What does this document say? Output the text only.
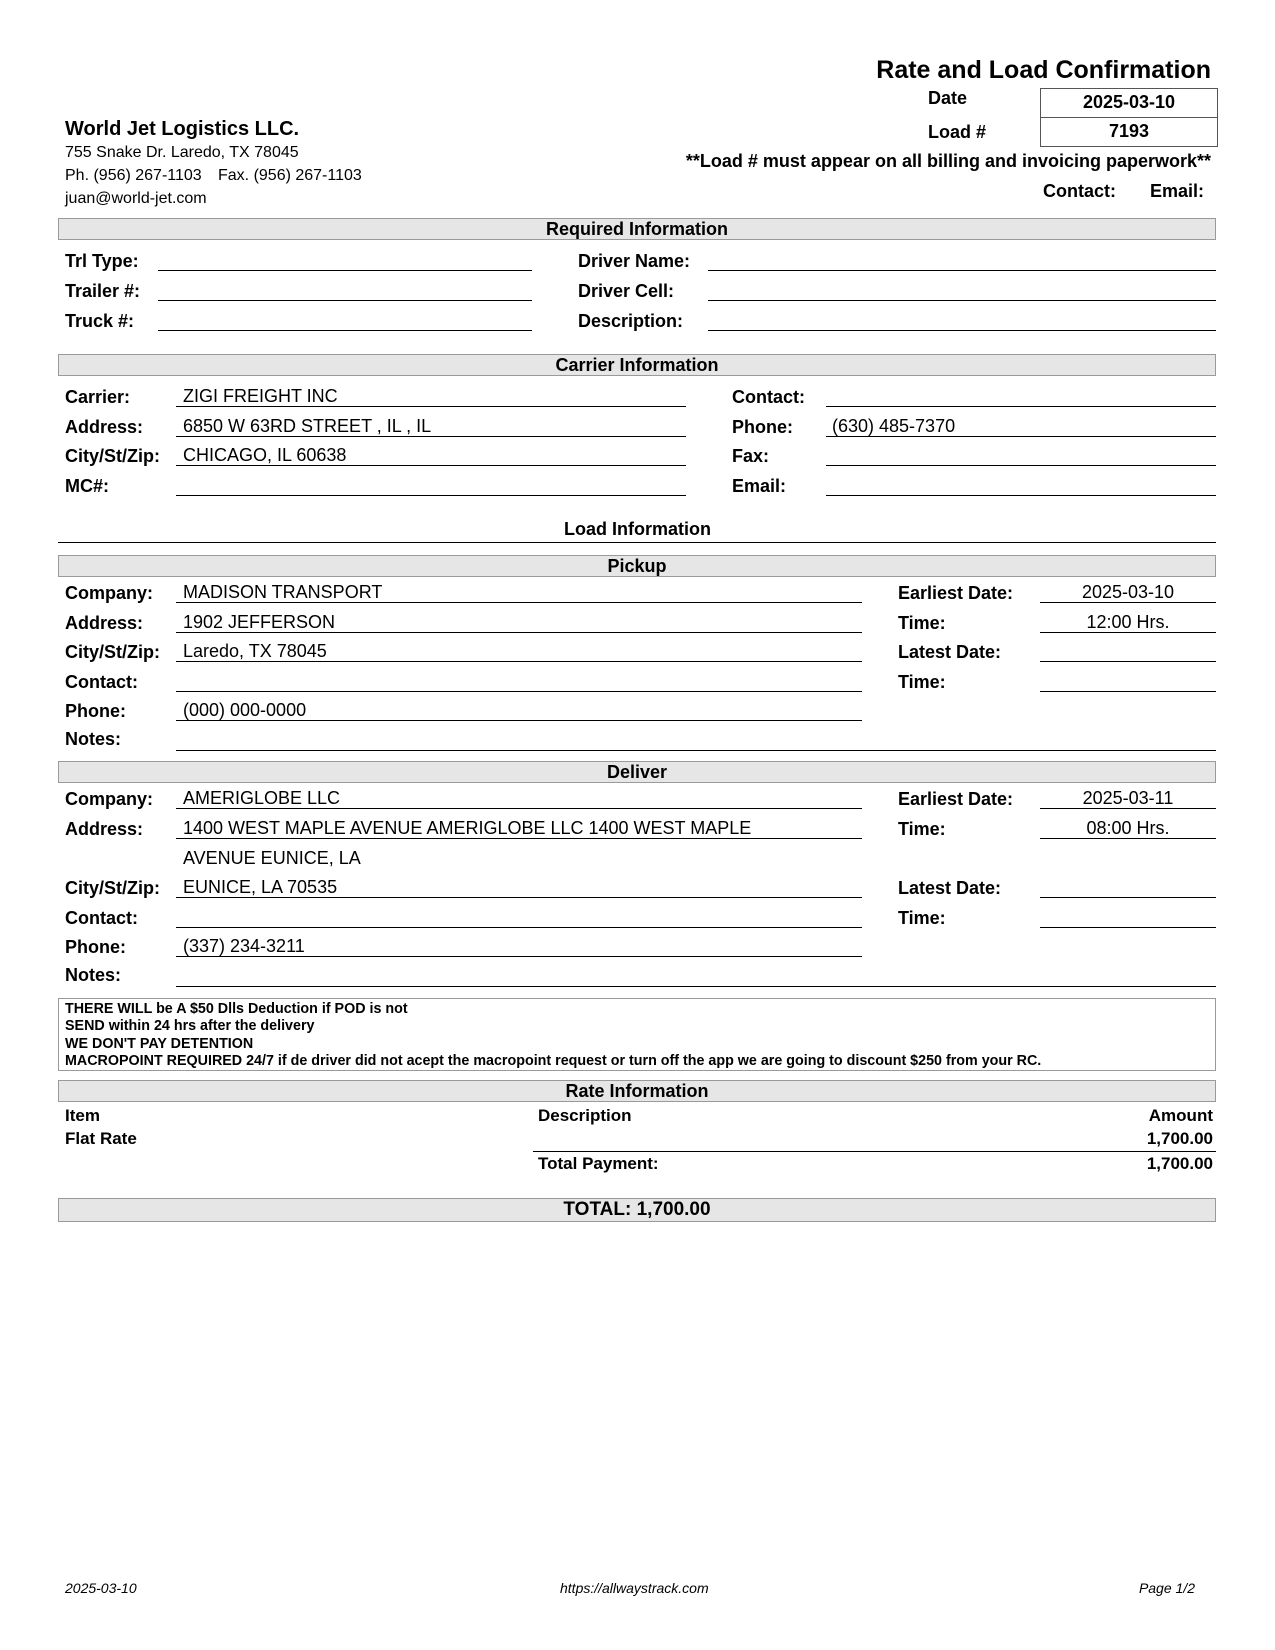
Rate and Load Confirmation
Date	2025-03-10
Load #	7193
**Load # must appear on all billing and invoicing paperwork**
Contact: Email:
World Jet Logistics LLC.
755 Snake Dr. Laredo, TX 78045
Ph. (956) 267-1103 Fax. (956) 267-1103
juan@world-jet.com
Required Information
Trl Type:
Trailer #:
Truck #:
Driver Name:
Driver Cell:
Description:
Carrier Information
Carrier:	ZIGI FREIGHT INC
Address: 6850 W 63RD STREET , IL , IL
City/St/Zip: CHICAGO, IL 60638
MC#:
Contact:
Phone: (630) 485-7370
Fax:
Email:
Load Information
Pickup
Company: MADISON TRANSPORT
Address: 1902 JEFFERSON
City/St/Zip: Laredo, TX 78045
Contact:
Phone:	(000) 000-0000
Notes:
Earliest Date:	2025-03-10
Time:	12:00 Hrs.
Latest Date:
Time:
Deliver
Company: AMERIGLOBE LLC
Address: 1400 WEST MAPLE AVENUE AMERIGLOBE LLC 1400 WEST MAPLE
AVENUE EUNICE, LA
City/St/Zip: EUNICE, LA 70535
Contact:
Phone:	(337) 234-3211
Notes:
Earliest Date:	2025-03-11
Time:	08:00 Hrs.
Latest Date:
Time:
THERE WILL be A $50 Dlls Deduction if POD is not
SEND within 24 hrs after the delivery
WE DON'T PAY DETENTION
MACROPOINT REQUIRED 24/7 if de driver did not acept the macropoint request or turn off the app we are going to discount $250 from your RC.
Rate Information
Item	Description	Amount
Flat Rate	1,700.00
Total Payment:	1,700.00
TOTAL: 1,700.00
2025-03-10	https://allwaystrack.com	Page 1/2
